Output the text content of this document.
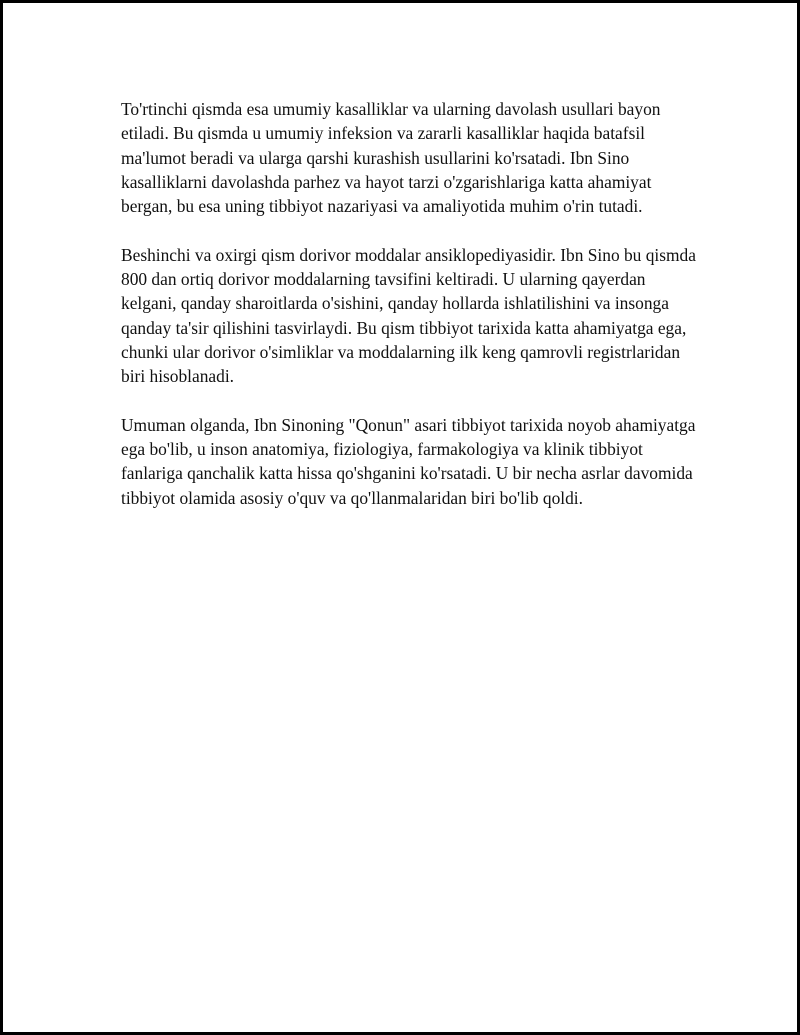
To'rtinchi qismda esa umumiy kasalliklar va ularning davolash usullari bayon etiladi. Bu qismda u umumiy infeksion va zararli kasalliklar haqida batafsil ma'lumot beradi va ularga qarshi kurashish usullarini ko'rsatadi. Ibn Sino kasalliklarni davolashda parhez va hayot tarzi o'zgarishlariga katta ahamiyat bergan, bu esa uning tibbiyot nazariyasi va amaliyotida muhim o'rin tutadi.

Beshinchi va oxirgi qism dorivor moddalar ansiklopediyasidir. Ibn Sino bu qismda 800 dan ortiq dorivor moddalarning tavsifini keltiradi. U ularning qayerdan kelgani, qanday sharoitlarda o'sishini, qanday hollarda ishlatilishini va insonga qanday ta'sir qilishini tasvirlaydi. Bu qism tibbiyot tarixida katta ahamiyatga ega, chunki ular dorivor o'simliklar va moddalarning ilk keng qamrovli registrlaridan biri hisoblanadi.

Umuman olganda, Ibn Sinoning "Qonun" asari tibbiyot tarixida noyob ahamiyatga ega bo'lib, u inson anatomiya, fiziologiya, farmakologiya va klinik tibbiyot fanlariga qanchalik katta hissa qo'shganini ko'rsatadi. U bir necha asrlar davomida tibbiyot olamida asosiy o'quv va qo'llanmalaridan biri bo'lib qoldi.
